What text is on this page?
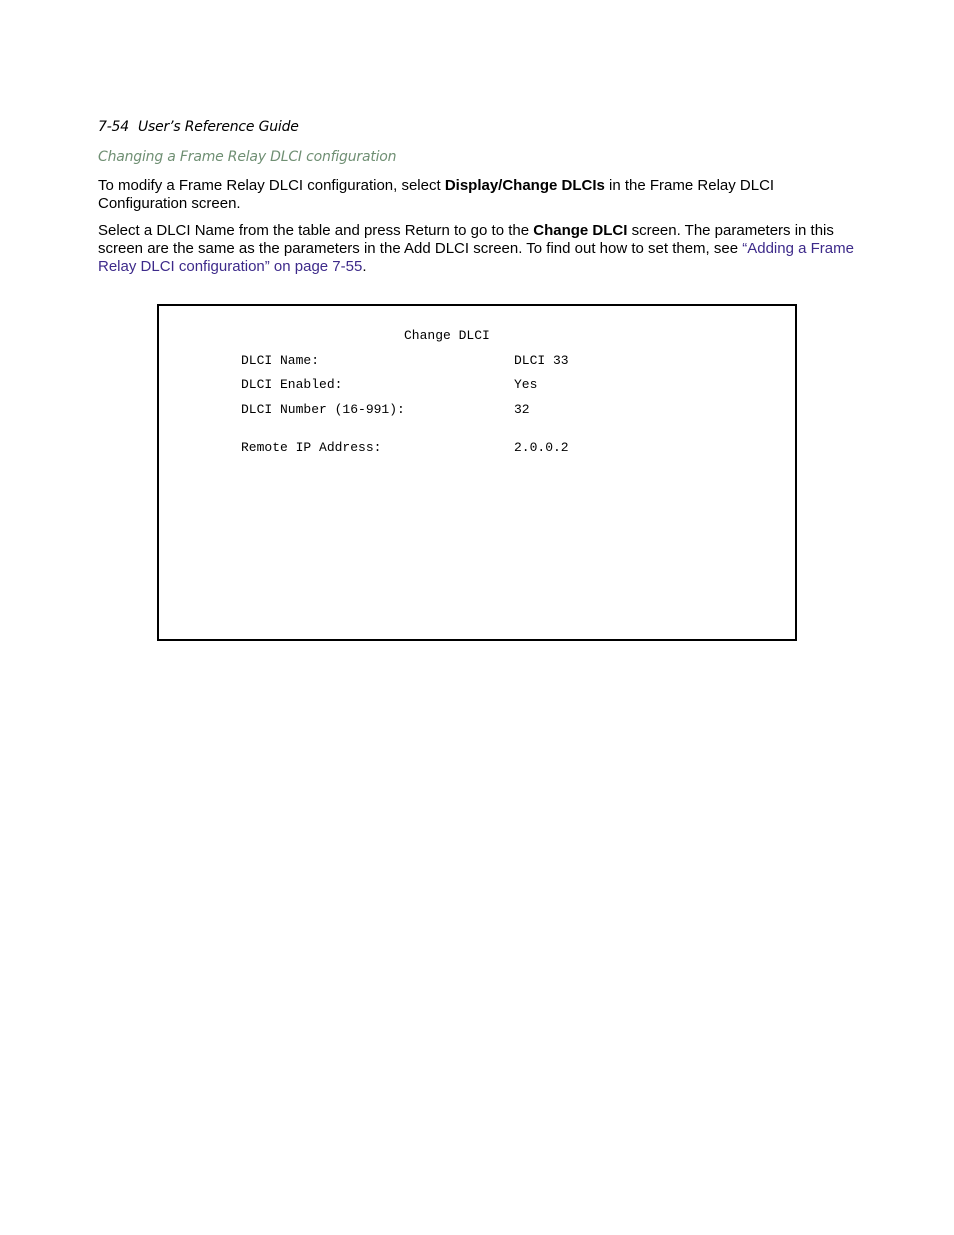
7-54 User’s Reference Guide
Changing a Frame Relay DLCI configuration

To modify a Frame Relay DLCI configuration, select Display/Change DLCIs in the Frame Relay DLCI Configuration screen.

Select a DLCI Name from the table and press Return to go to the Change DLCI screen. The parameters in this screen are the same as the parameters in the Add DLCI screen. To find out how to set them, see “Adding a Frame Relay DLCI configuration” on page 7-55.

Change DLCI
DLCI Name:	DLCI 33
DLCI Enabled:	Yes
DLCI Number (16-991):	32
Remote IP Address:	2.0.0.2
